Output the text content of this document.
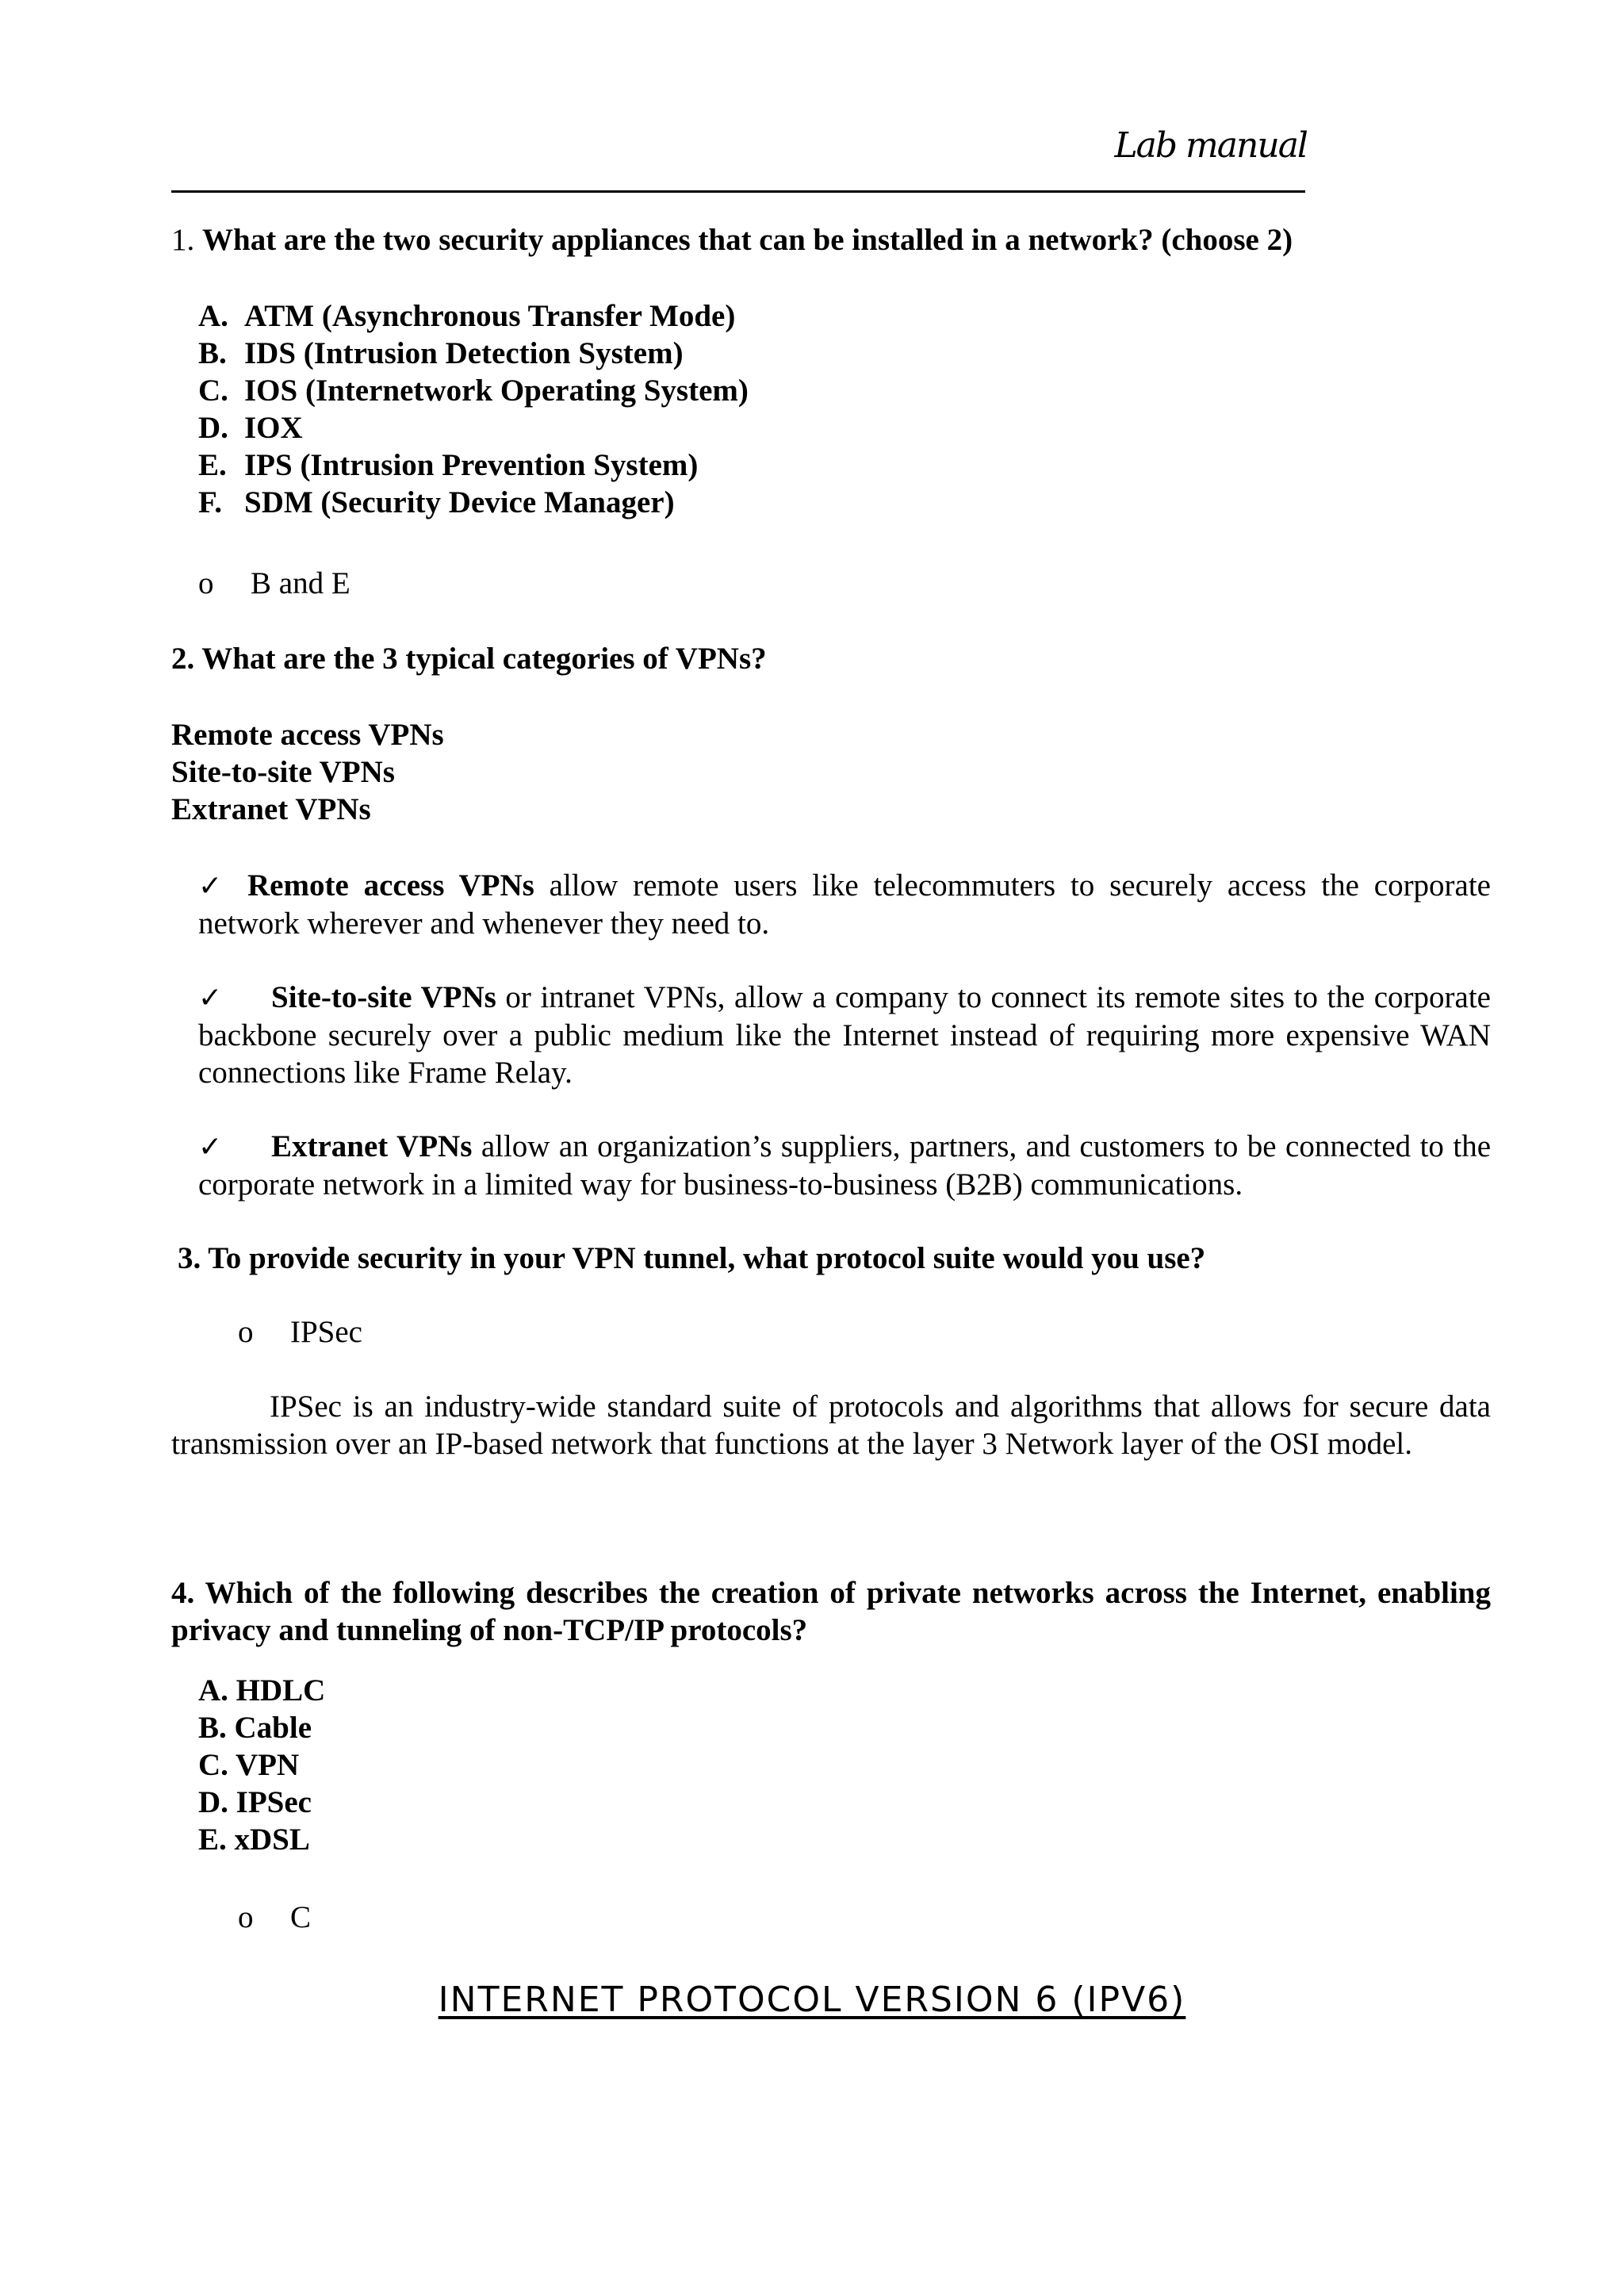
Lab manual
1. What are the two security appliances that can be installed in a network? (choose 2)
A. ATM (Asynchronous Transfer Mode)
B. IDS (Intrusion Detection System)
C. IOS (Internetwork Operating System)
D. IOX
E. IPS (Intrusion Prevention System)
F. SDM (Security Device Manager)
o B and E
2. What are the 3 typical categories of VPNs?
Remote access VPNs
Site-to-site VPNs
Extranet VPNs
✓ Remote access VPNs allow remote users like telecommuters to securely access the corporate network wherever and whenever they need to.
✓ Site-to-site VPNs or intranet VPNs, allow a company to connect its remote sites to the corporate backbone securely over a public medium like the Internet instead of requiring more expensive WAN connections like Frame Relay.
✓ Extranet VPNs allow an organization’s suppliers, partners, and customers to be connected to the corporate network in a limited way for business-to-business (B2B) communications.
3. To provide security in your VPN tunnel, what protocol suite would you use?
o IPSec
IPSec is an industry-wide standard suite of protocols and algorithms that allows for secure data transmission over an IP-based network that functions at the layer 3 Network layer of the OSI model.
4. Which of the following describes the creation of private networks across the Internet, enabling privacy and tunneling of non-TCP/IP protocols?
A. HDLC
B. Cable
C. VPN
D. IPSec
E. xDSL
o C
INTERNET PROTOCOL VERSION 6 (IPV6)
